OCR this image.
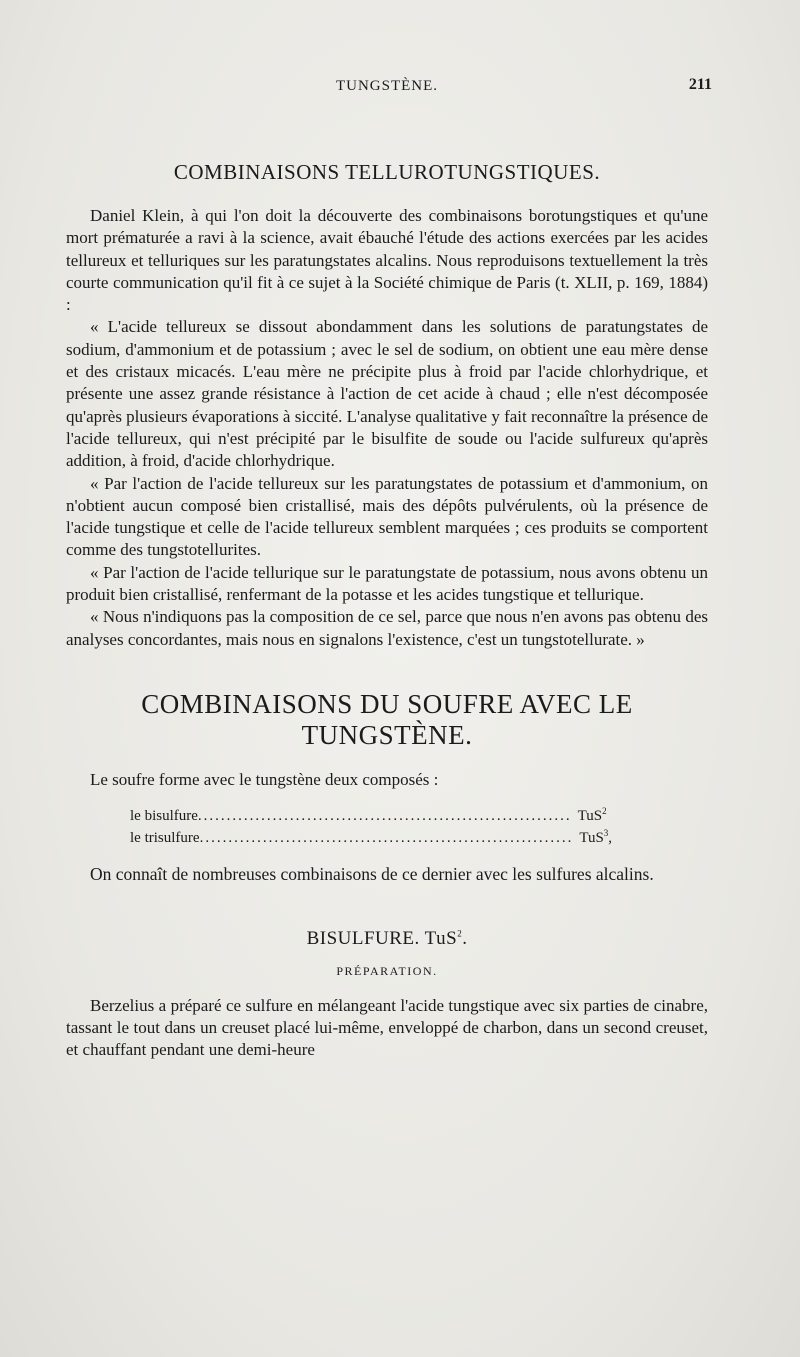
TUNGSTÈNE.	211
COMBINAISONS TELLUROTUNGSTIQUES.

Daniel Klein, à qui l'on doit la découverte des combinaisons borotungstiques et qu'une mort prématurée a ravi à la science, avait ébauché l'étude des actions exercées par les acides tellureux et telluriques sur les paratungstates alcalins. Nous reproduisons textuellement la très courte communication qu'il fit à ce sujet à la Société chimique de Paris (t. XLII, p. 169, 1884) :

« L'acide tellureux se dissout abondamment dans les solutions de paratungstates de sodium, d'ammonium et de potassium ; avec le sel de sodium, on obtient une eau mère dense et des cristaux micacés. L'eau mère ne précipite plus à froid par l'acide chlorhydrique, et présente une assez grande résistance à l'action de cet acide à chaud ; elle n'est décomposée qu'après plusieurs évaporations à siccité. L'analyse qualitative y fait reconnaître la présence de l'acide tellureux, qui n'est précipité par le bisulfite de soude ou l'acide sulfureux qu'après addition, à froid, d'acide chlorhydrique.

« Par l'action de l'acide tellureux sur les paratungstates de potassium et d'ammonium, on n'obtient aucun composé bien cristallisé, mais des dépôts pulvérulents, où la présence de l'acide tungstique et celle de l'acide tellureux semblent marquées ; ces produits se comportent comme des tungstotellurites.

« Par l'action de l'acide tellurique sur le paratungstate de potassium, nous avons obtenu un produit bien cristallisé, renfermant de la potasse et les acides tungstique et tellurique.

« Nous n'indiquons pas la composition de ce sel, parce que nous n'en avons pas obtenu des analyses concordantes, mais nous en signalons l'existence, c'est un tungstotellurate. »

COMBINAISONS DU SOUFRE AVEC LE TUNGSTÈNE.

Le soufre forme avec le tungstène deux composés :

le bisulfure ................................................................. TuS$^2$
le trisulfure ................................................................. TuS$^3$,

On connaît de nombreuses combinaisons de ce dernier avec les sulfures alcalins.

BISULFURE. TuS$^2$.
PRÉPARATION.

Berzelius a préparé ce sulfure en mélangeant l'acide tungstique avec six parties de cinabre, tassant le tout dans un creuset placé lui-même, enveloppé de charbon, dans un second creuset, et chauffant pendant une demi-heure
